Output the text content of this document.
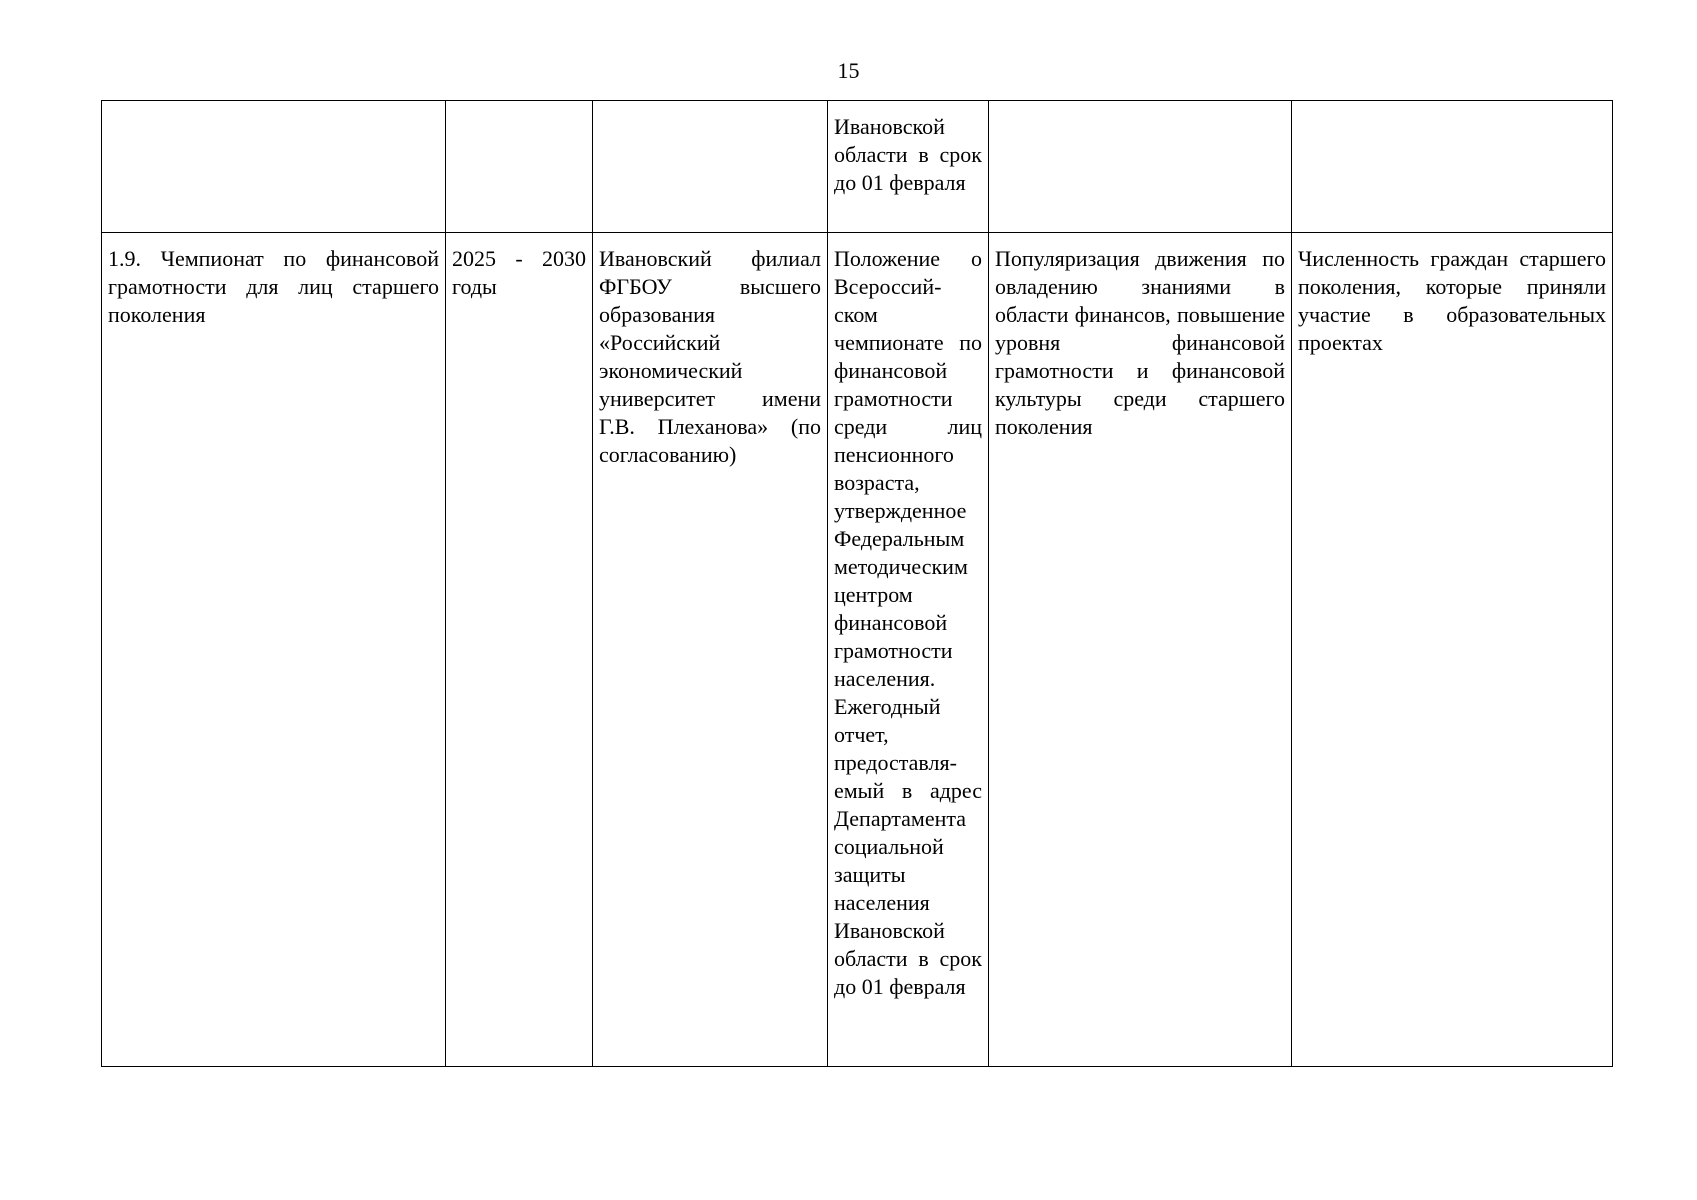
15
			Ивановской области в срок до 01 февраля		
1.9. Чемпионат по финансовой грамотности для лиц старшего поколения	2025 - 2030 годы	Ивановский филиал ФГБОУ высшего образования «Российский экономический университет имени Г.В. Плеханова» (по согласованию)	Положение о Всероссий-ском чемпионате по финансовой грамотности среди лиц пенсионного возраста, утвержденное Федеральным методическим центром финансовой грамотности населения. Ежегодный отчет, предоставля-емый в адрес Департамента социальной защиты населения Ивановской области в срок до 01 февраля	Популяризация движения по овладению знаниями в области финансов, повышение уровня финансовой грамотности и финансовой культуры среди старшего поколения	Численность граждан старшего поколения, которые приняли участие в образовательных проектах
